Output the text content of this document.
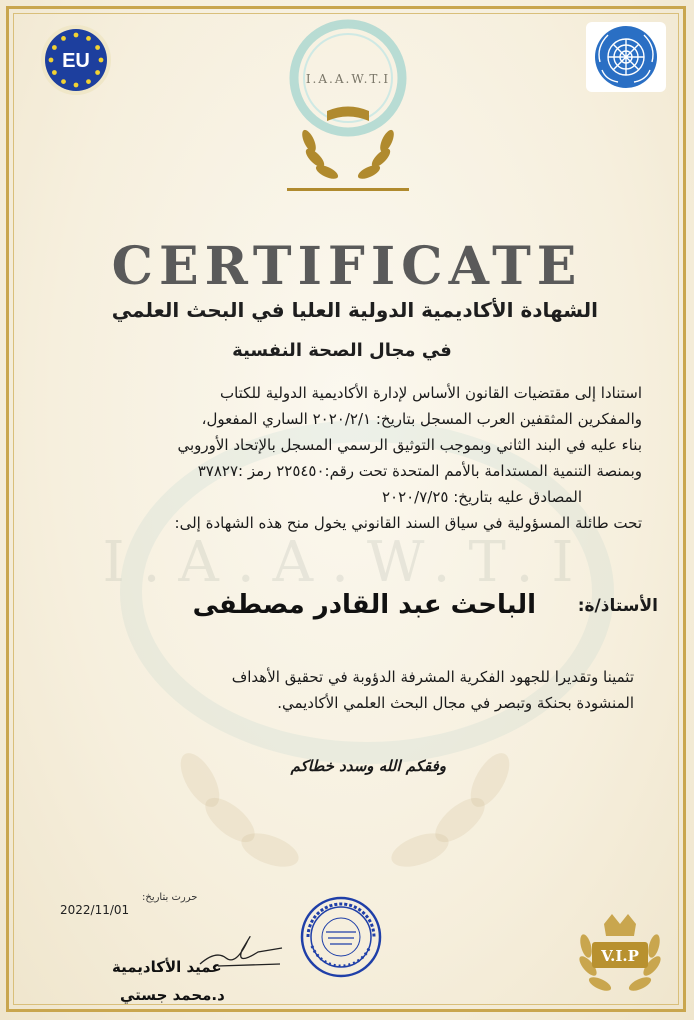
I.A.A.W.T.I
EU
I.A.A.W.T.I
CERTIFICATE
الشهادة الأكاديمية الدولية العليا في البحث العلمي
في مجال الصحة النفسية

استنادا إلى مقتضيات القانون الأساس لإدارة الأكاديمية الدولية للكتاب
والمفكرين المثقفين العرب المسجل بتاريخ: ٢٠٢٠/٢/١ الساري المفعول،
بناء عليه في البند الثاني وبموجب التوثيق الرسمي المسجل بالإتحاد الأوروبي
وبمنصة التنمية المستدامة بالأمم المتحدة تحت رقم:٢٢٥٤٥٠ رمز :٣٧٨٢٧
المصادق عليه بتاريخ: ٢٠٢٠/٧/٢٥
تحت طائلة المسؤولية في سياق السند القانوني يخول منح هذه الشهادة إلى:

الأستاذ/ة:
الباحث عبد القادر مصطفى

تثمينا وتقديرا للجهود الفكرية المشرفة الدؤوبة في تحقيق الأهداف
المنشودة بحنكة وتبصر في مجال البحث العلمي الأكاديمي.

وفقكم الله وسدد خطاكم
حررت بتاريخ:
2022/11/01
عميد الأكاديمية
د.محمد جستي
V.I.P
